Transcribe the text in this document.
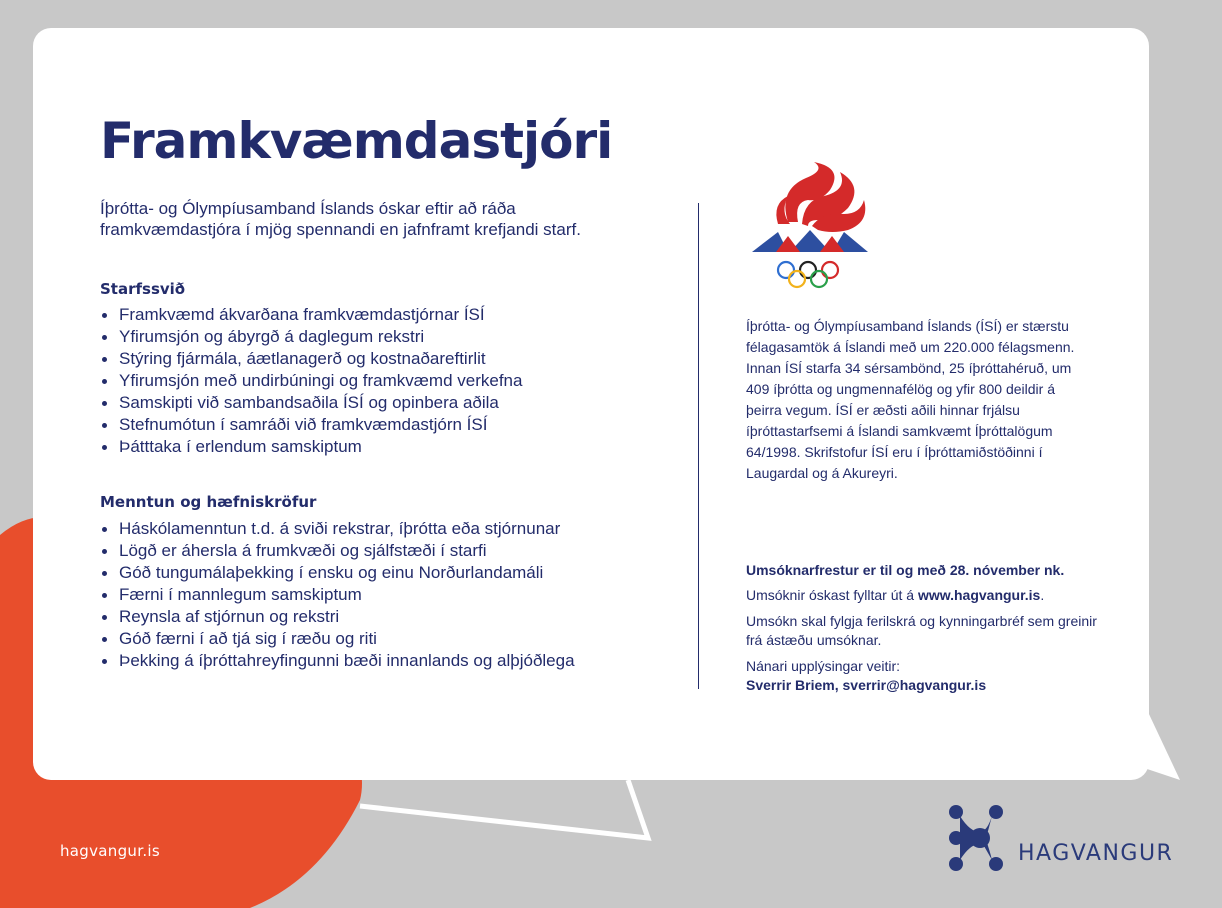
Framkvæmdastjóri

Íþrótta- og Ólympíusamband Íslands óskar eftir að ráða framkvæmdastjóra í mjög spennandi en jafnframt krefjandi starf.

Starfssvið
Framkvæmd ákvarðana framkvæmdastjórnar ÍSÍ
Yfirumsjón og ábyrgð á daglegum rekstri
Stýring fjármála, áætlanagerð og kostnaðareftirlit
Yfirumsjón með undirbúningi og framkvæmd verkefna
Samskipti við sambandsaðila ÍSÍ og opinbera aðila
Stefnumótun í samráði við framkvæmdastjórn ÍSÍ
Þátttaka í erlendum samskiptum
Menntun og hæfniskröfur
Háskólamenntun t.d. á sviði rekstrar, íþrótta eða stjórnunar
Lögð er áhersla á frumkvæði og sjálfstæði í starfi
Góð tungumálaþekking í ensku og einu Norðurlandamáli
Færni í mannlegum samskiptum
Reynsla af stjórnun og rekstri
Góð færni í að tjá sig í ræðu og riti
Þekking á íþróttahreyfingunni bæði innanlands og alþjóðlega

Íþrótta- og Ólympíusamband Íslands (ÍSÍ) er stærstu félagasamtök á Íslandi með um 220.000 félagsmenn. Innan ÍSÍ starfa 34 sérsambönd, 25 íþróttahéruð, um 409 íþrótta og ungmennafélög og yfir 800 deildir á þeirra vegum. ÍSÍ er æðsti aðili hinnar frjálsu íþróttastarfsemi á Íslandi samkvæmt Íþróttalögum 64/1998. Skrifstofur ÍSÍ eru í Íþróttamiðstöðinni í Laugardal og á Akureyri.

Umsóknarfrestur er til og með 28. nóvember nk.

Umsóknir óskast fylltar út á www.hagvangur.is.

Umsókn skal fylgja ferilskrá og kynningarbréf sem greinir frá ástæðu umsóknar.

Nánari upplýsingar veitir:

Sverrir Briem, sverrir@hagvangur.is

hagvangur.is	HAGVANGUR
